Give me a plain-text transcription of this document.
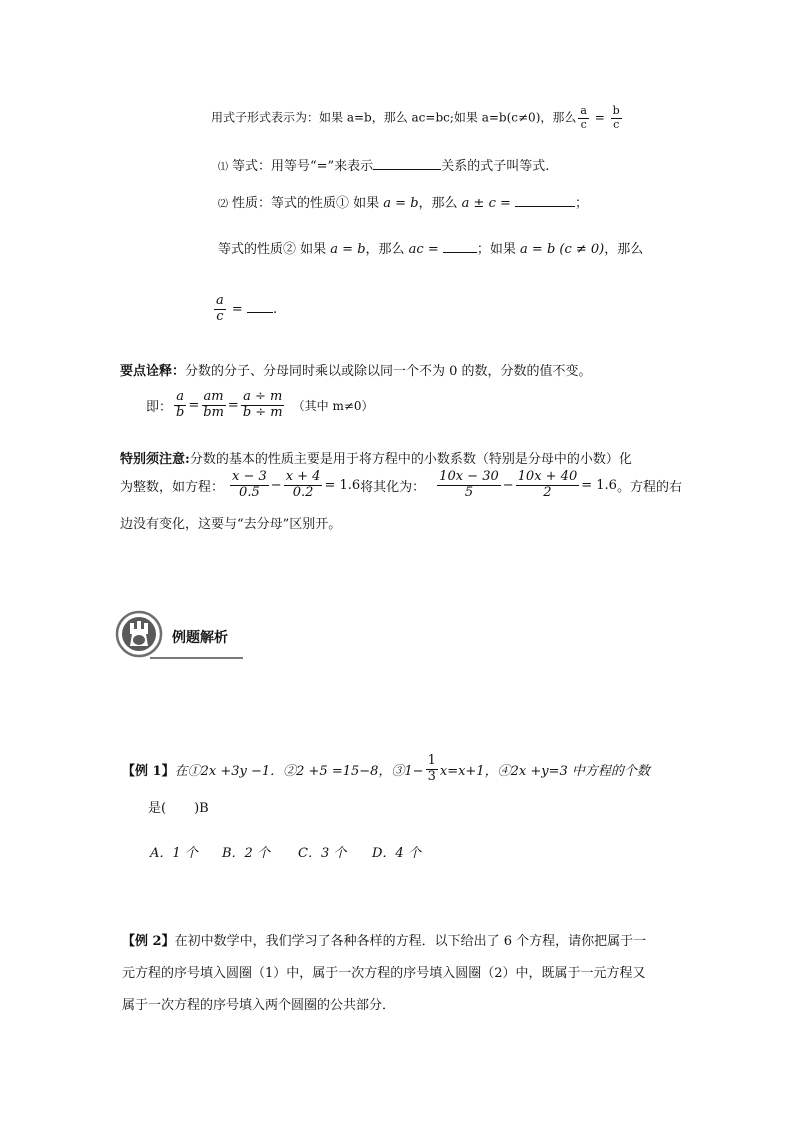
用式子形式表示为：如果 a=b，那么 ac=bc;如果 a=b(c≠0)，那么 $\frac{a}{c} = \frac{b}{c}$
⑴ 等式：用等号“=”来表示	关系的式子叫等式.
⑵ 性质：等式的性质① 如果 a = b，那么 a ± c =	；
等式的性质② 如果 a = b，那么 ac =	；如果 a = b (c ≠ 0)，那么
$\frac{a}{c}$ = .
要点诠释：分数的分子、分母同时乘以或除以同一个不为 0 的数，分数的值不变。
即： $\frac{a}{b} = \frac{am}{bm} = \frac{a \div m}{b \div m}$ （其中 m≠0）
特别须注意:分数的基本的性质主要是用于将方程中的小数系数（特别是分母中的小数）化
为整数，如方程： $\frac{x - 3}{0.5} - \frac{x + 4}{0.2} = 1.6$ 将其化为： $\frac{10x - 30}{5} - \frac{10x + 40}{2} = 1.6$ 。方程的右
边没有变化，这要与“去分母”区别开。
例题解析
【例 1】 在①2x +3y −1．②2 +5 =15−8，③1− $\frac{1}{3} x=x+1$，④2x +y=3 中方程的个数
是( )B
A．1 个 B．2 个 C．3 个 D．4 个
【例 2】在初中数学中，我们学习了各种各样的方程．以下给出了 6 个方程，请你把属于一
元方程的序号填入圆圈（1）中，属于一次方程的序号填入圆圈（2）中，既属于一元方程又
属于一次方程的序号填入两个圆圈的公共部分．
